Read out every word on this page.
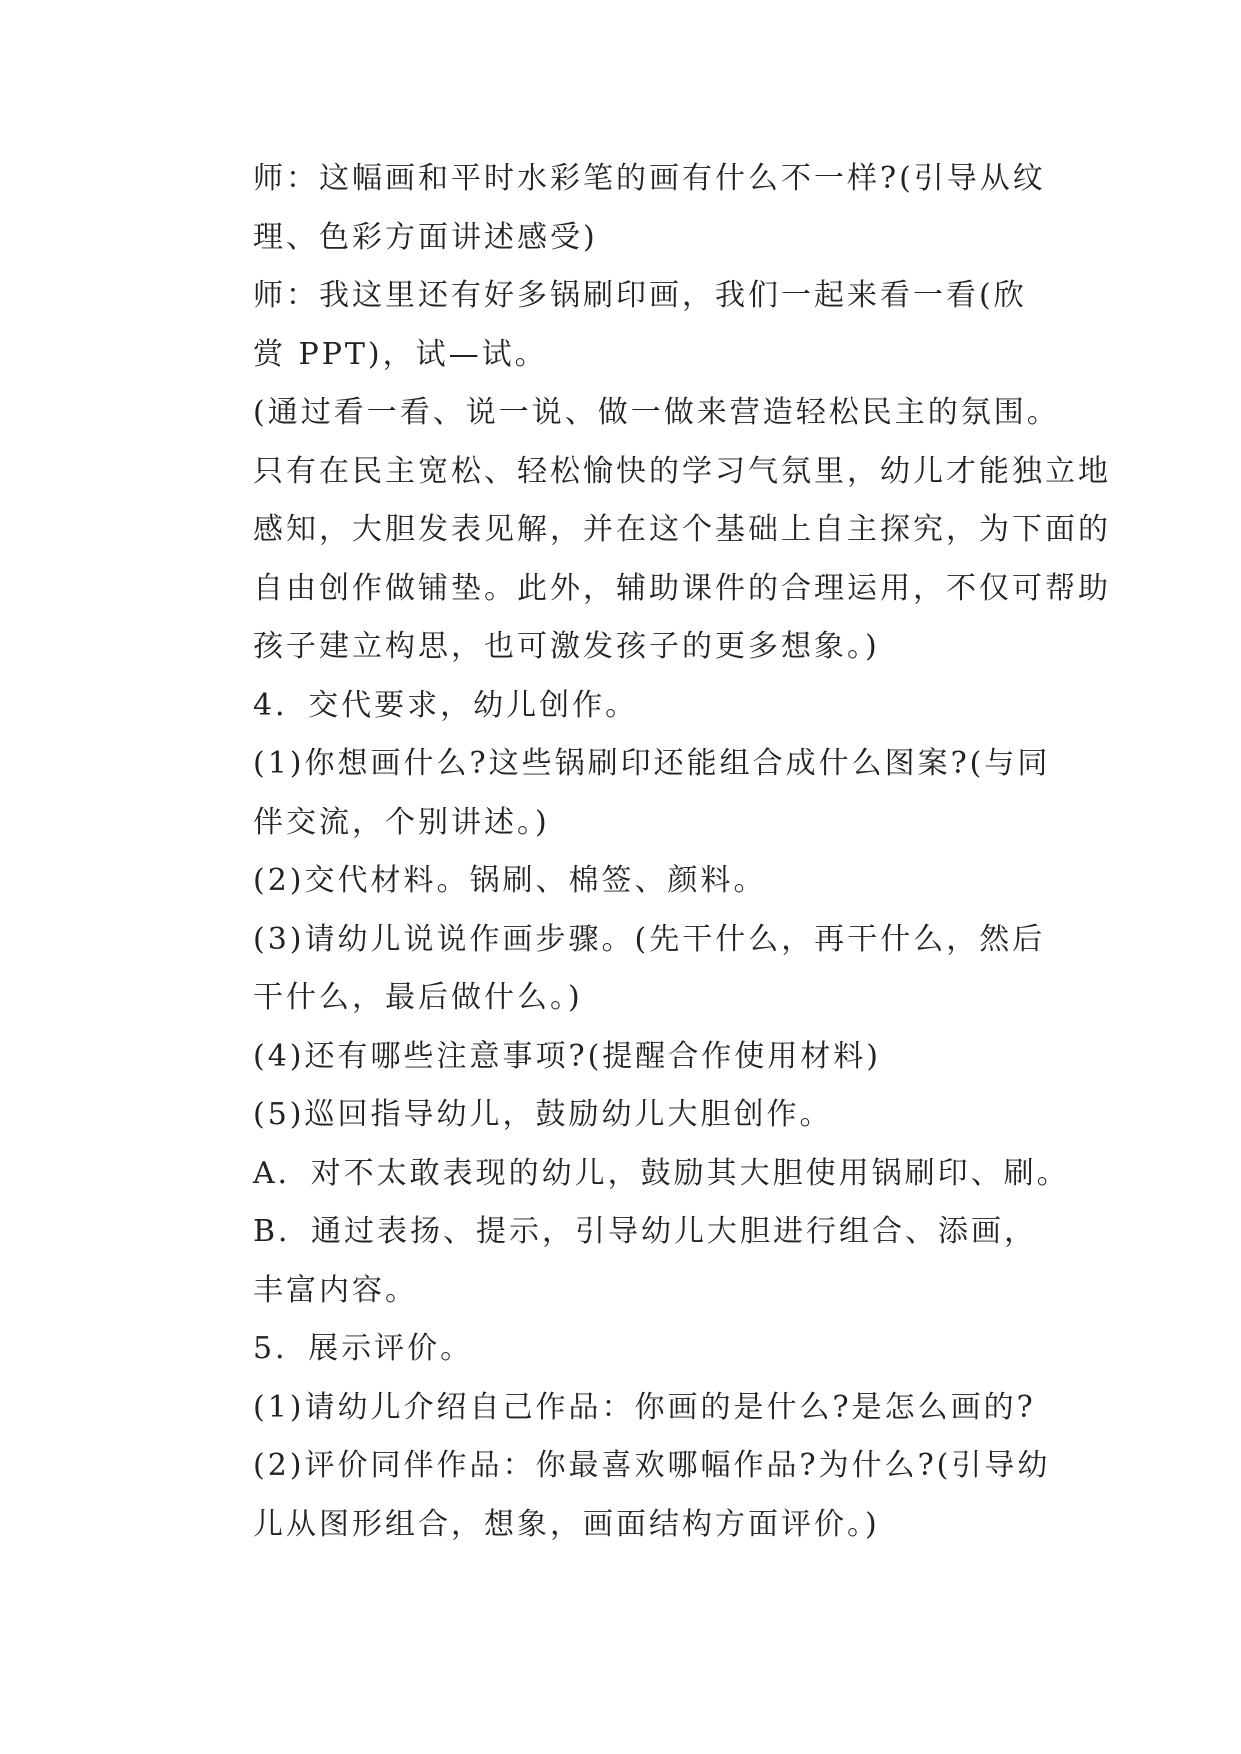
师：这幅画和平时水彩笔的画有什么不一样?(引导从纹
理、色彩方面讲述感受)

师：我这里还有好多锅刷印画，我们一起来看一看(欣
赏 PPT)，试—试。

(通过看一看、说一说、做一做来营造轻松民主的氛围。
只有在民主宽松、轻松愉快的学习气氛里，幼儿才能独立地
感知，大胆发表见解，并在这个基础上自主探究，为下面的
自由创作做铺垫。此外，辅助课件的合理运用，不仅可帮助
孩子建立构思，也可激发孩子的更多想象。)

4．交代要求，幼儿创作。

(1)你想画什么?这些锅刷印还能组合成什么图案?(与同
伴交流，个别讲述。)

(2)交代材料。锅刷、棉签、颜料。

(3)请幼儿说说作画步骤。(先干什么，再干什么，然后
干什么，最后做什么。)

(4)还有哪些注意事项?(提醒合作使用材料)

(5)巡回指导幼儿，鼓励幼儿大胆创作。

A．对不太敢表现的幼儿，鼓励其大胆使用锅刷印、刷。

B．通过表扬、提示，引导幼儿大胆进行组合、添画，
丰富内容。

5．展示评价。

(1)请幼儿介绍自己作品：你画的是什么?是怎么画的?

(2)评价同伴作品：你最喜欢哪幅作品?为什么?(引导幼
儿从图形组合，想象，画面结构方面评价。)
